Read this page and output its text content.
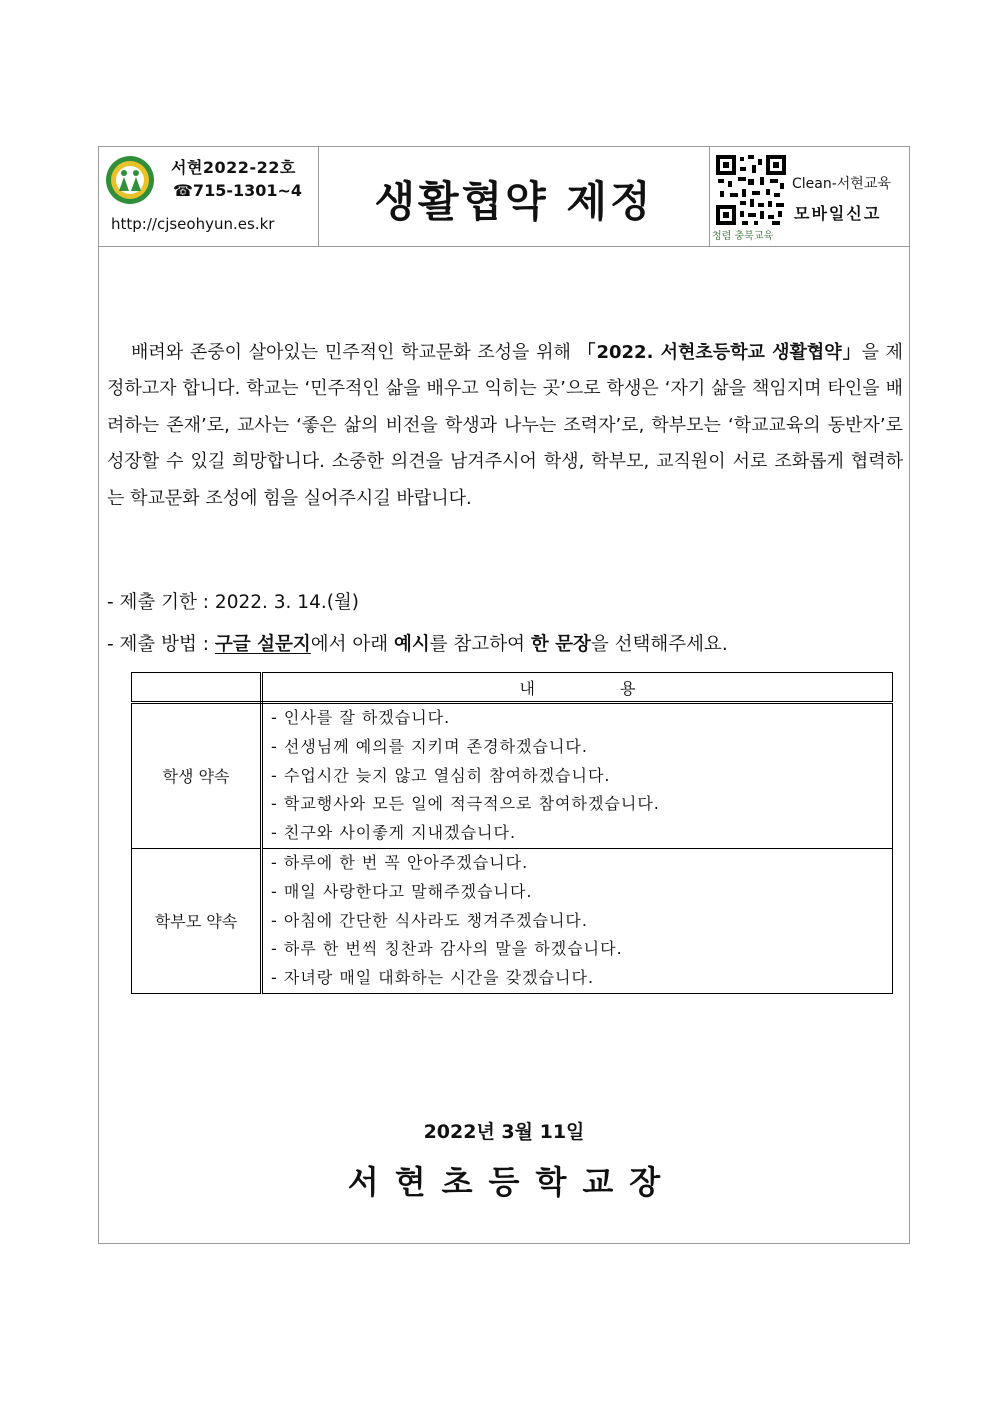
서현2022-22호
☎715-1301~4
http://cjseohyun.es.kr	생활협약 제정
청렴 충북교육
Clean-서현교육
모바일신고

배려와 존중이 살아있는 민주적인 학교문화 조성을 위해 「2022. 서현초등학교 생활협약」을 제정하고자 합니다. 학교는 ‘민주적인 삶을 배우고 익히는 곳’으로 학생은 ‘자기 삶을 책임지며 타인을 배려하는 존재’로, 교사는 ‘좋은 삶의 비전을 학생과 나누는 조력자’로, 학부모는 ‘학교교육의 동반자’로 성장할 수 있길 희망합니다. 소중한 의견을 남겨주시어 학생, 학부모, 교직원이 서로 조화롭게 협력하는 학교문화 조성에 힘을 실어주시길 바랍니다.

- 제출 기한 : 2022. 3. 14.(월)
- 제출 방법 : 구글 설문지에서 아래 예시를 참고하여 한 문장을 선택해주세요.

	내 용

학생 약속	- 인사를 잘 하겠습니다.
- 선생님께 예의를 지키며 존경하겠습니다.
- 수업시간 늦지 않고 열심히 참여하겠습니다.
- 학교행사와 모든 일에 적극적으로 참여하겠습니다.
- 친구와 사이좋게 지내겠습니다.

학부모 약속	- 하루에 한 번 꼭 안아주겠습니다.
- 매일 사랑한다고 말해주겠습니다.
- 아침에 간단한 식사라도 챙겨주겠습니다.
- 하루 한 번씩 칭찬과 감사의 말을 하겠습니다.
- 자녀랑 매일 대화하는 시간을 갖겠습니다.
2022년 3월 11일
서현초등학교장
